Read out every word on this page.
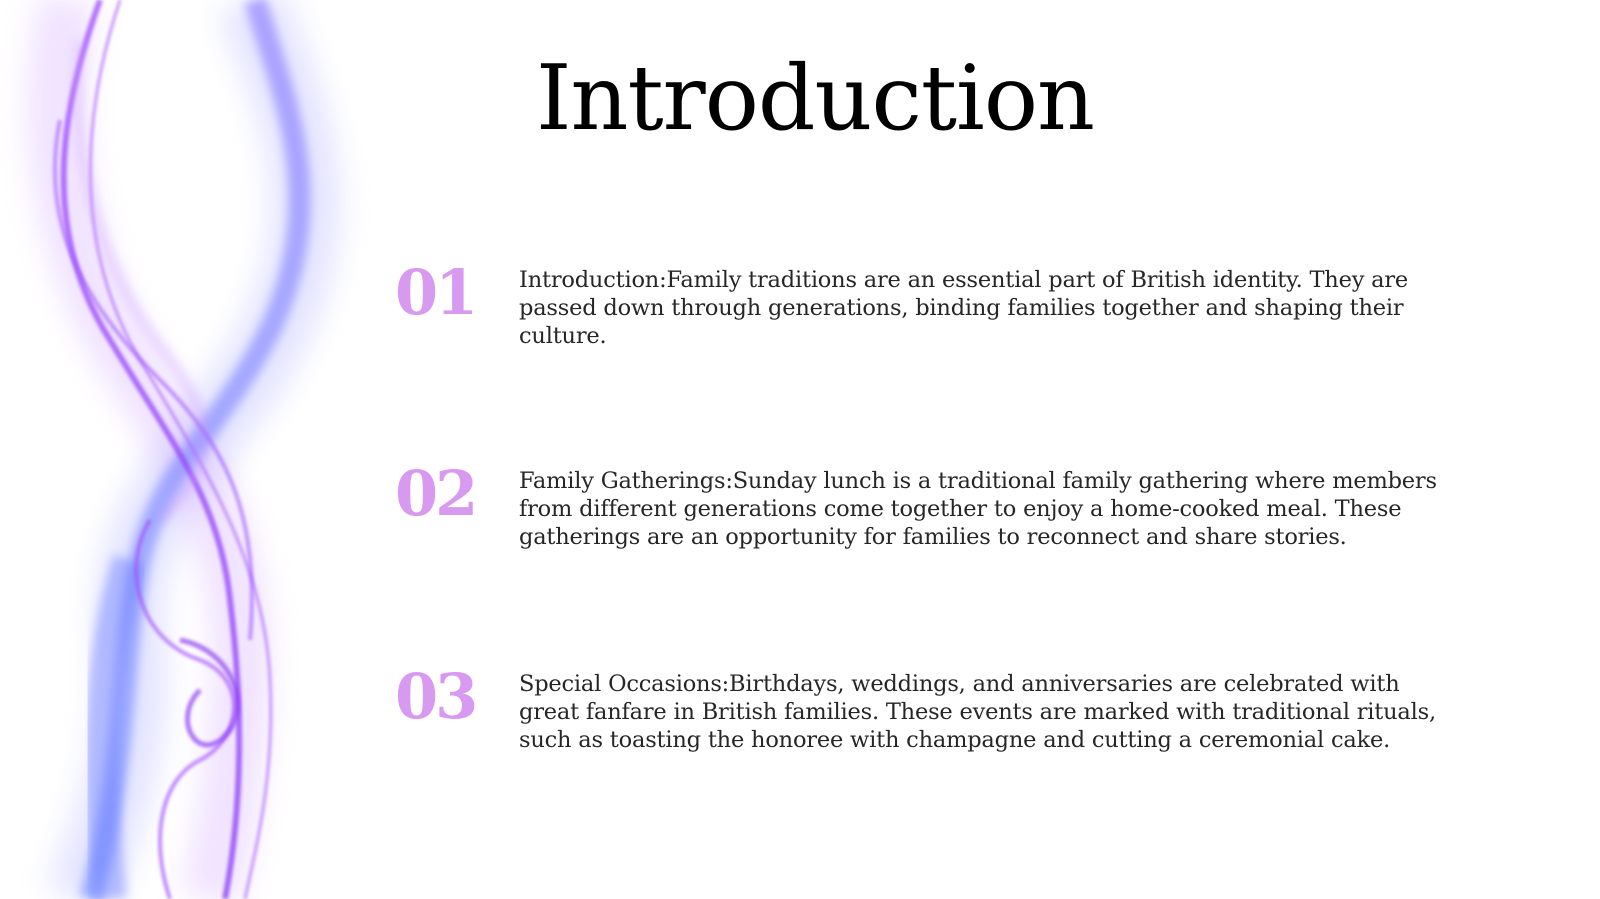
Introduction
01	Introduction:Family traditions are an essential part of British identity. They are passed down through generations, binding families together and shaping their culture.

02	Family Gatherings:Sunday lunch is a traditional family gathering where members from different generations come together to enjoy a home-cooked meal. These gatherings are an opportunity for families to reconnect and share stories.

03	Special Occasions:Birthdays, weddings, and anniversaries are celebrated with great fanfare in British families. These events are marked with traditional rituals, such as toasting the honoree with champagne and cutting a ceremonial cake.
